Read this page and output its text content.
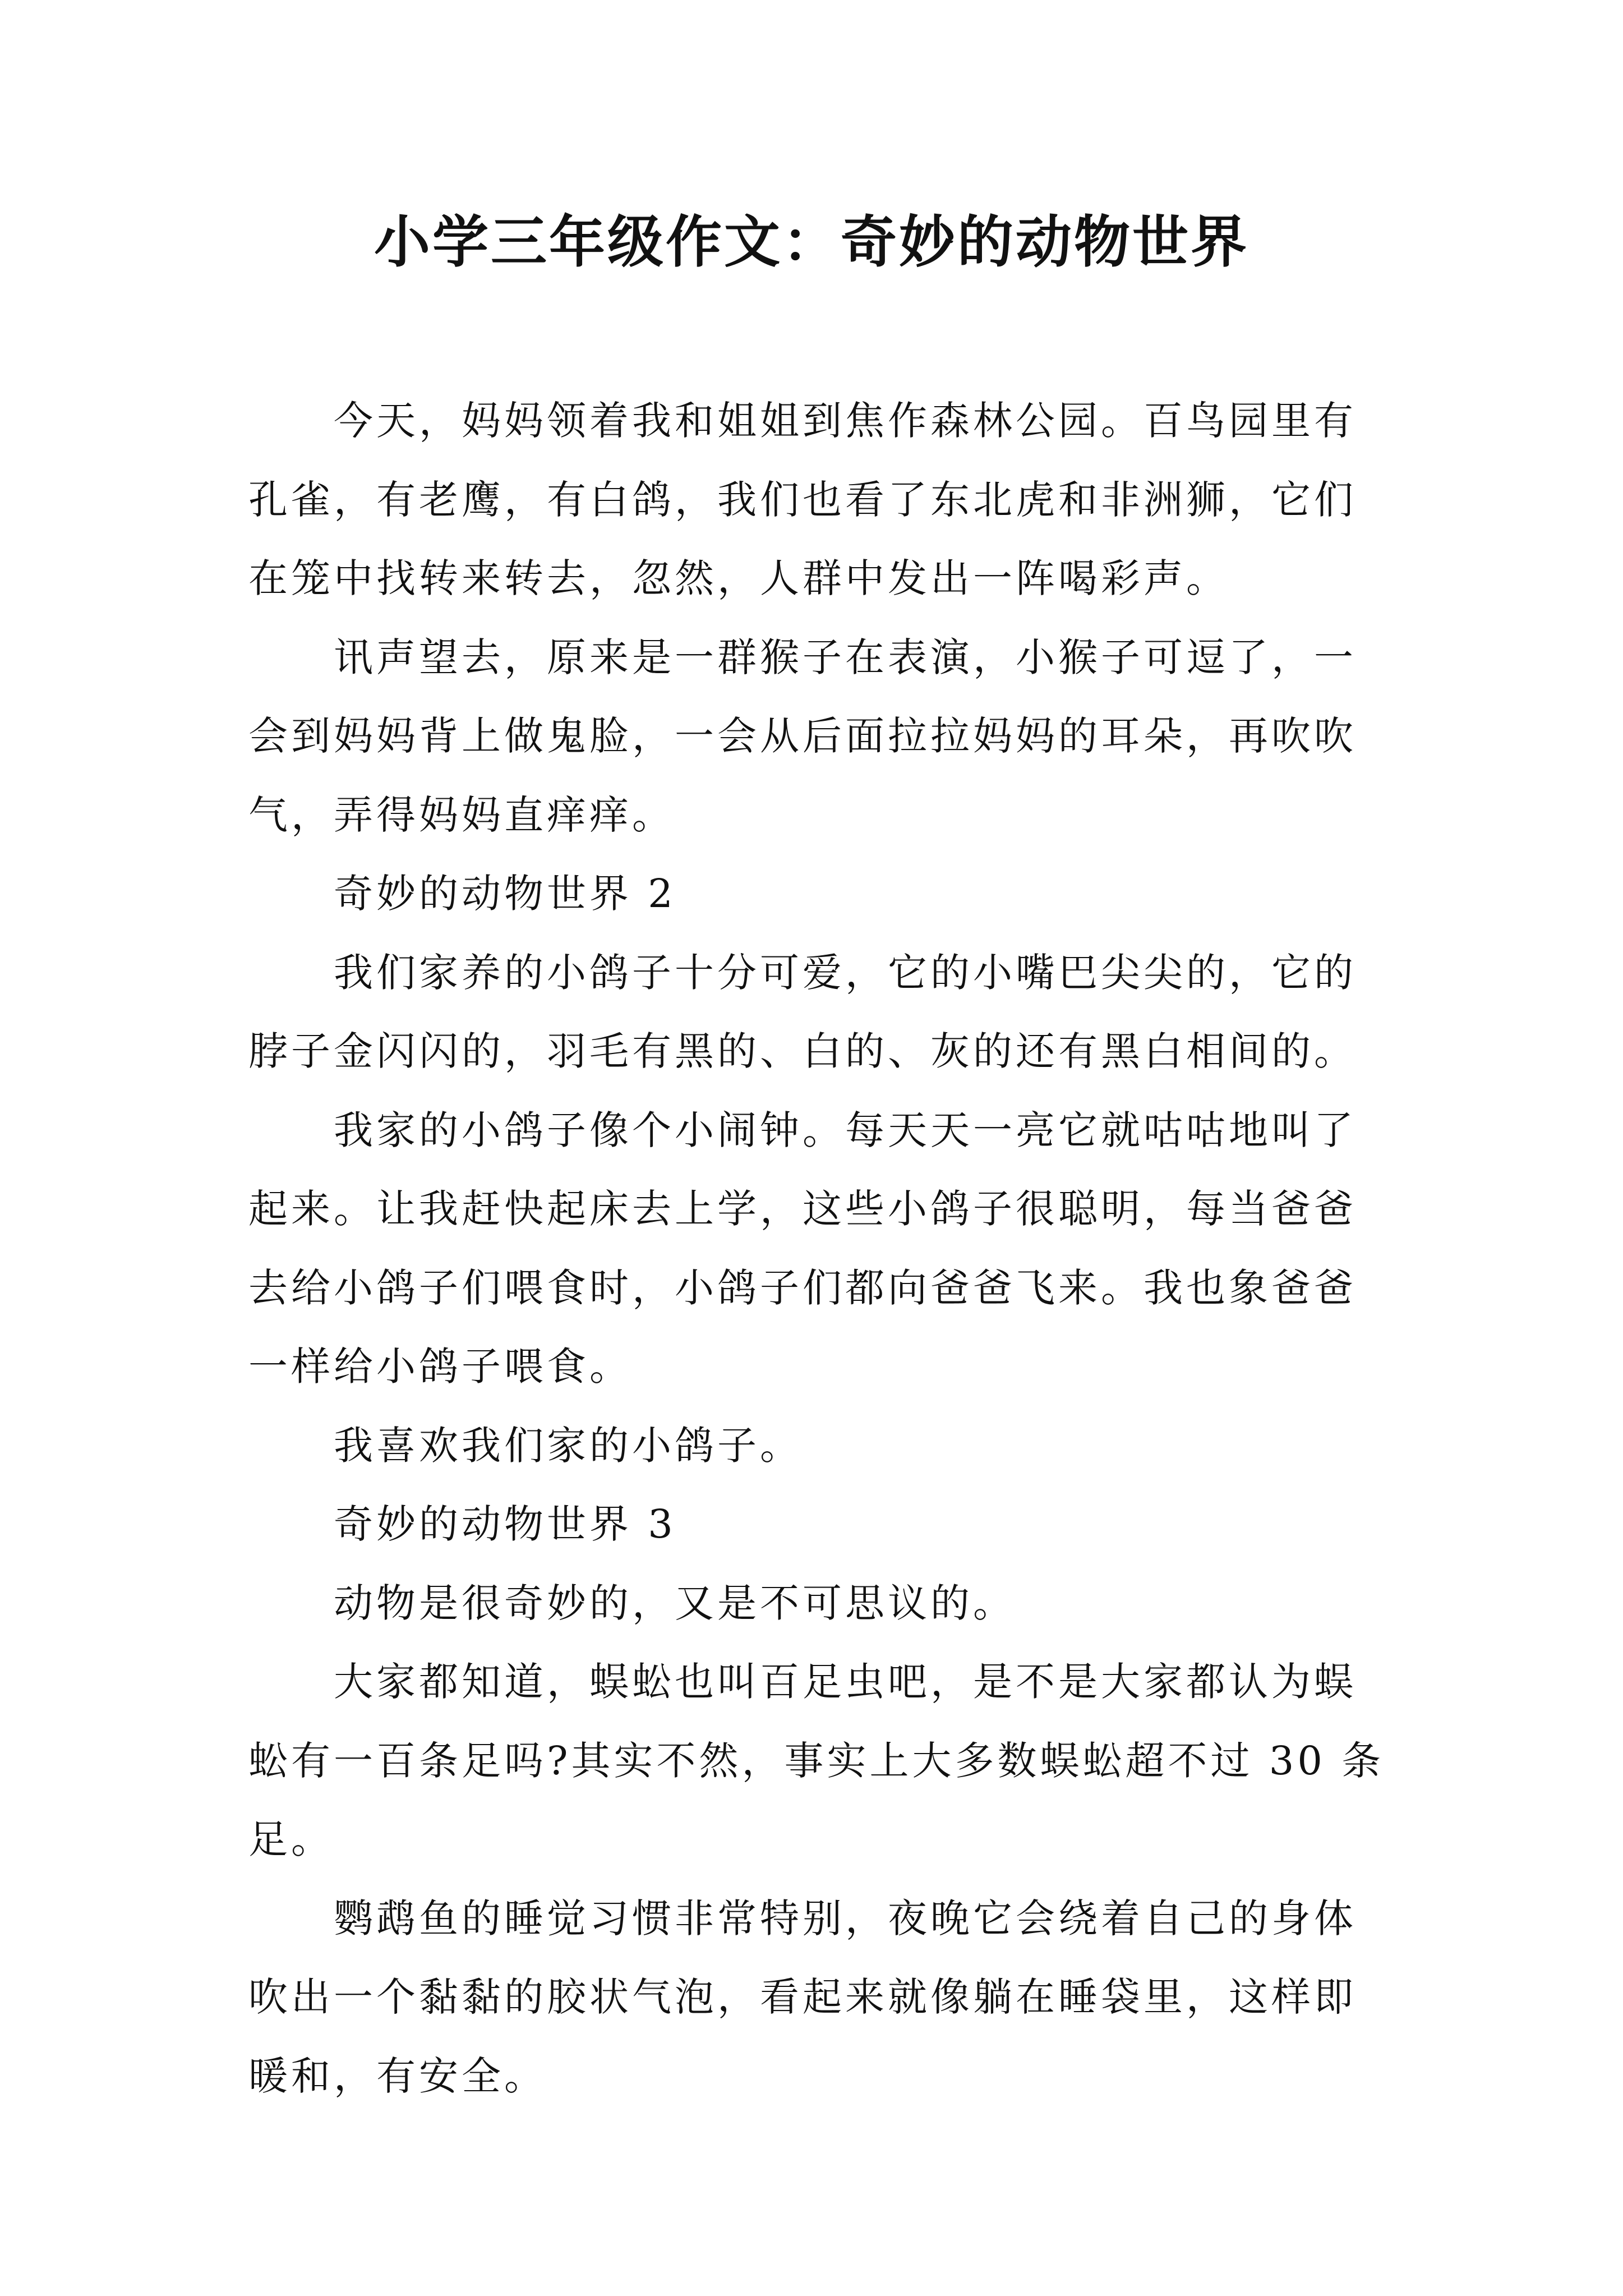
小学三年级作文：奇妙的动物世界

今天，妈妈领着我和姐姐到焦作森林公园。百鸟园里有
孔雀，有老鹰，有白鸽，我们也看了东北虎和非洲狮，它们
在笼中找转来转去，忽然，人群中发出一阵喝彩声。

讯声望去，原来是一群猴子在表演，小猴子可逗了，一
会到妈妈背上做鬼脸，一会从后面拉拉妈妈的耳朵，再吹吹
气，弄得妈妈直痒痒。

奇妙的动物世界 2

我们家养的小鸽子十分可爱，它的小嘴巴尖尖的，它的
脖子金闪闪的，羽毛有黑的、白的、灰的还有黑白相间的。

我家的小鸽子像个小闹钟。每天天一亮它就咕咕地叫了
起来。让我赶快起床去上学，这些小鸽子很聪明，每当爸爸
去给小鸽子们喂食时，小鸽子们都向爸爸飞来。我也象爸爸
一样给小鸽子喂食。

我喜欢我们家的小鸽子。

奇妙的动物世界 3

动物是很奇妙的，又是不可思议的。

大家都知道，蜈蚣也叫百足虫吧，是不是大家都认为蜈
蚣有一百条足吗?其实不然，事实上大多数蜈蚣超不过 30 条
足。

鹦鹉鱼的睡觉习惯非常特别，夜晚它会绕着自己的身体
吹出一个黏黏的胶状气泡，看起来就像躺在睡袋里，这样即
暖和，有安全。
